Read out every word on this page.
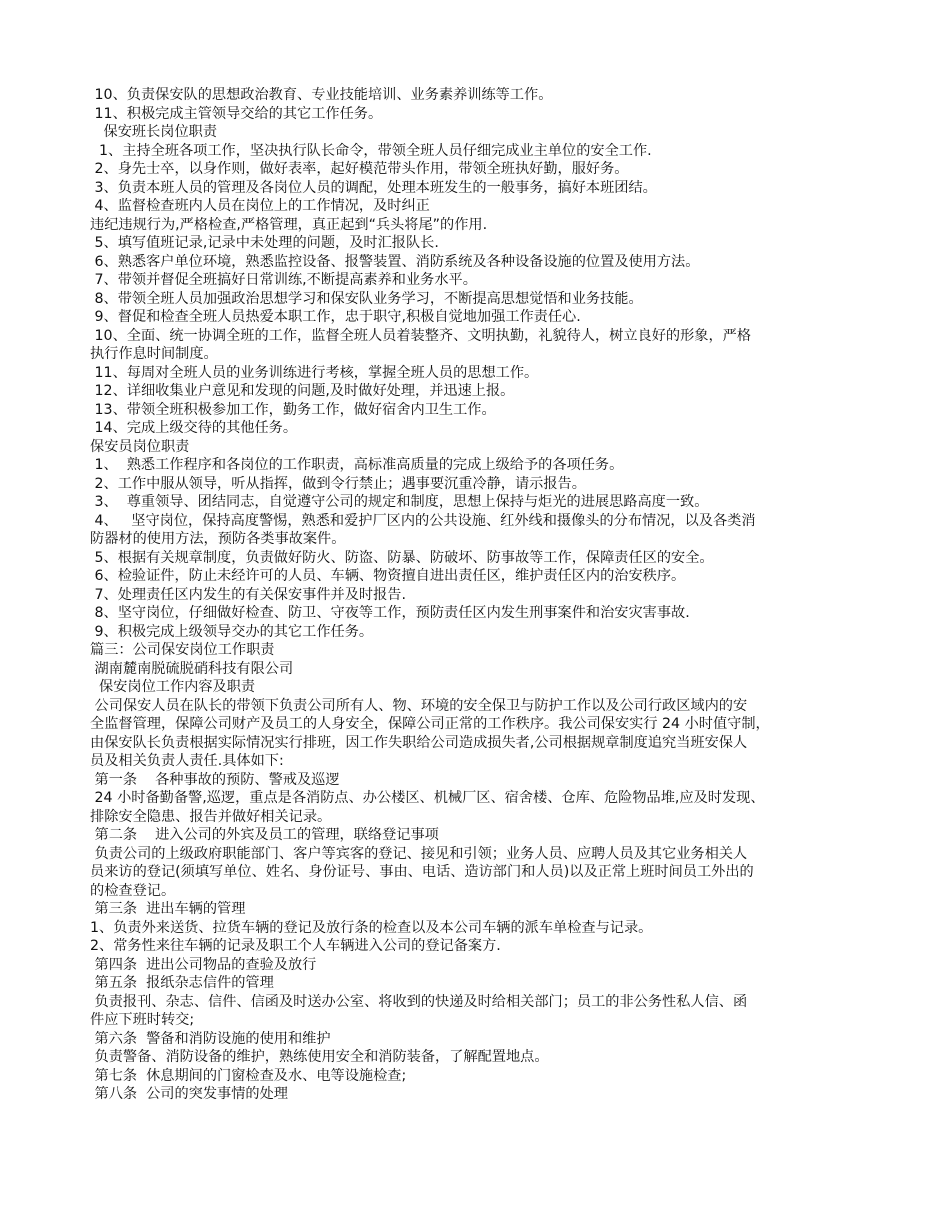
10、负责保安队的思想政治教育、专业技能培训、业务素养训练等工作。

11、积极完成主管领导交给的其它工作任务。

保安班长岗位职责

1、主持全班各项工作，坚决执行队长命令，带领全班人员仔细完成业主单位的安全工作.

2、身先士卒，以身作则，做好表率，起好模范带头作用，带领全班执好勤，服好务。

3、负责本班人员的管理及各岗位人员的调配，处理本班发生的一般事务，搞好本班团结。

4、监督检查班内人员在岗位上的工作情况，及时纠正

违纪违规行为,严格检查,严格管理，真正起到“兵头将尾”的作用.

5、填写值班记录,记录中未处理的问题，及时汇报队长.

6、熟悉客户单位环境，熟悉监控设备、报警装置、消防系统及各种设备设施的位置及使用方法。

7、带领并督促全班搞好日常训练,不断提高素养和业务水平。

8、带领全班人员加强政治思想学习和保安队业务学习，不断提高思想觉悟和业务技能。

9、督促和检查全班人员热爱本职工作，忠于职守,积极自觉地加强工作责任心.

10、全面、统一协调全班的工作，监督全班人员着装整齐、文明执勤，礼貌待人，树立良好的形象，严格

执行作息时间制度。

11、每周对全班人员的业务训练进行考核，掌握全班人员的思想工作。

12、详细收集业户意见和发现的问题,及时做好处理，并迅速上报。

13、带领全班积极参加工作，勤务工作，做好宿舍内卫生工作。

14、完成上级交待的其他任务。

保安员岗位职责

1、  熟悉工作程序和各岗位的工作职责，高标准高质量的完成上级给予的各项任务。

2、工作中服从领导，听从指挥，做到令行禁止；遇事要沉重冷静，请示报告。

3、  尊重领导、团结同志，自觉遵守公司的规定和制度，思想上保持与炬光的进展思路高度一致。

4、   坚守岗位，保持高度警惕，熟悉和爱护厂区内的公共设施、红外线和摄像头的分布情况，以及各类消

防器材的使用方法，预防各类事故案件。

5、根据有关规章制度，负责做好防火、防盗、防暴、防破坏、防事故等工作，保障责任区的安全。

6、检验证件，防止未经许可的人员、车辆、物资擅自进出责任区，维护责任区内的治安秩序。

7、处理责任区内发生的有关保安事件并及时报告.

8、坚守岗位，仔细做好检查、防卫、守夜等工作，预防责任区内发生刑事案件和治安灾害事故.

9、积极完成上级领导交办的其它工作任务。

篇三：公司保安岗位工作职责

湖南麓南脱硫脱硝科技有限公司

保安岗位工作内容及职责

公司保安人员在队长的带领下负责公司所有人、物、环境的安全保卫与防护工作以及公司行政区域内的安

全监督管理，保障公司财产及员工的人身安全，保障公司正常的工作秩序。我公司保安实行 24 小时值守制，

由保安队长负责根据实际情况实行排班，因工作失职给公司造成损失者,公司根据规章制度追究当班安保人

员及相关负责人责任.具体如下:

第一条    各种事故的预防、警戒及巡逻

24 小时备勤备警,巡逻，重点是各消防点、办公楼区、机械厂区、宿舍楼、仓库、危险物品堆,应及时发现、

排除安全隐患、报告并做好相关记录。

第二条    进入公司的外宾及员工的管理，联络登记事项

负责公司的上级政府职能部门、客户等宾客的登记、接见和引领；业务人员、应聘人员及其它业务相关人

员来访的登记(须填写单位、姓名、身份证号、事由、电话、造访部门和人员)以及正常上班时间员工外出的

的检查登记。

第三条  进出车辆的管理

1、负责外来送货、拉货车辆的登记及放行条的检查以及本公司车辆的派车单检查与记录。

2、常务性来往车辆的记录及职工个人车辆进入公司的登记备案方.

第四条  进出公司物品的查验及放行

第五条  报纸杂志信件的管理

负责报刊、杂志、信件、信函及时送办公室、将收到的快递及时给相关部门；员工的非公务性私人信、函

件应下班时转交;

第六条  警备和消防设施的使用和维护

负责警备、消防设备的维护，熟练使用安全和消防装备，了解配置地点。

第七条  休息期间的门窗检查及水、电等设施检查;

第八条  公司的突发事情的处理
